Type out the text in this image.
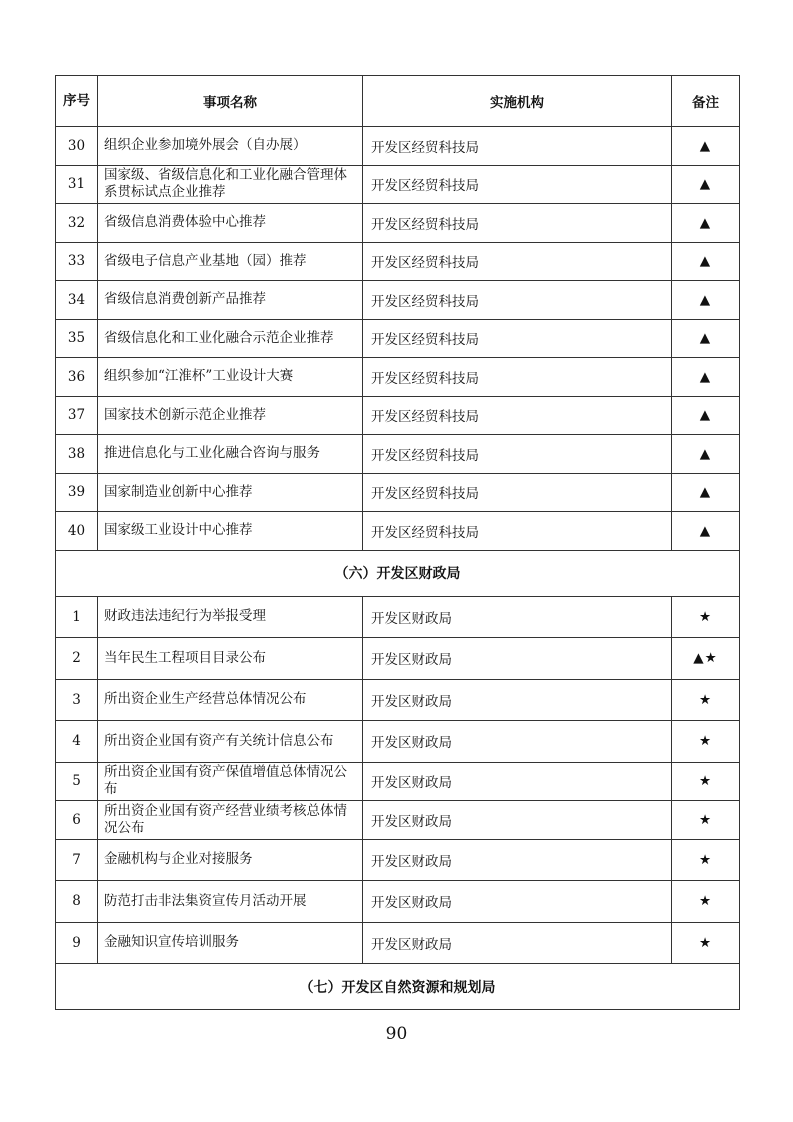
序号	事项名称	实施机构	备注
30	组织企业参加境外展会（自办展）	开发区经贸科技局	▲
31	国家级、省级信息化和工业化融合管理体系贯标试点企业推荐	开发区经贸科技局	▲
32	省级信息消费体验中心推荐	开发区经贸科技局	▲
33	省级电子信息产业基地（园）推荐	开发区经贸科技局	▲
34	省级信息消费创新产品推荐	开发区经贸科技局	▲
35	省级信息化和工业化融合示范企业推荐	开发区经贸科技局	▲
36	组织参加“江淮杯”工业设计大赛	开发区经贸科技局	▲
37	国家技术创新示范企业推荐	开发区经贸科技局	▲
38	推进信息化与工业化融合咨询与服务	开发区经贸科技局	▲
39	国家制造业创新中心推荐	开发区经贸科技局	▲
40	国家级工业设计中心推荐	开发区经贸科技局	▲
（六）开发区财政局			
1	财政违法违纪行为举报受理	开发区财政局	★
2	当年民生工程项目目录公布	开发区财政局	▲★
3	所出资企业生产经营总体情况公布	开发区财政局	★
4	所出资企业国有资产有关统计信息公布	开发区财政局	★
5	所出资企业国有资产保值增值总体情况公布	开发区财政局	★
6	所出资企业国有资产经营业绩考核总体情况公布	开发区财政局	★
7	金融机构与企业对接服务	开发区财政局	★
8	防范打击非法集资宣传月活动开展	开发区财政局	★
9	金融知识宣传培训服务	开发区财政局	★
（七）开发区自然资源和规划局			
90
